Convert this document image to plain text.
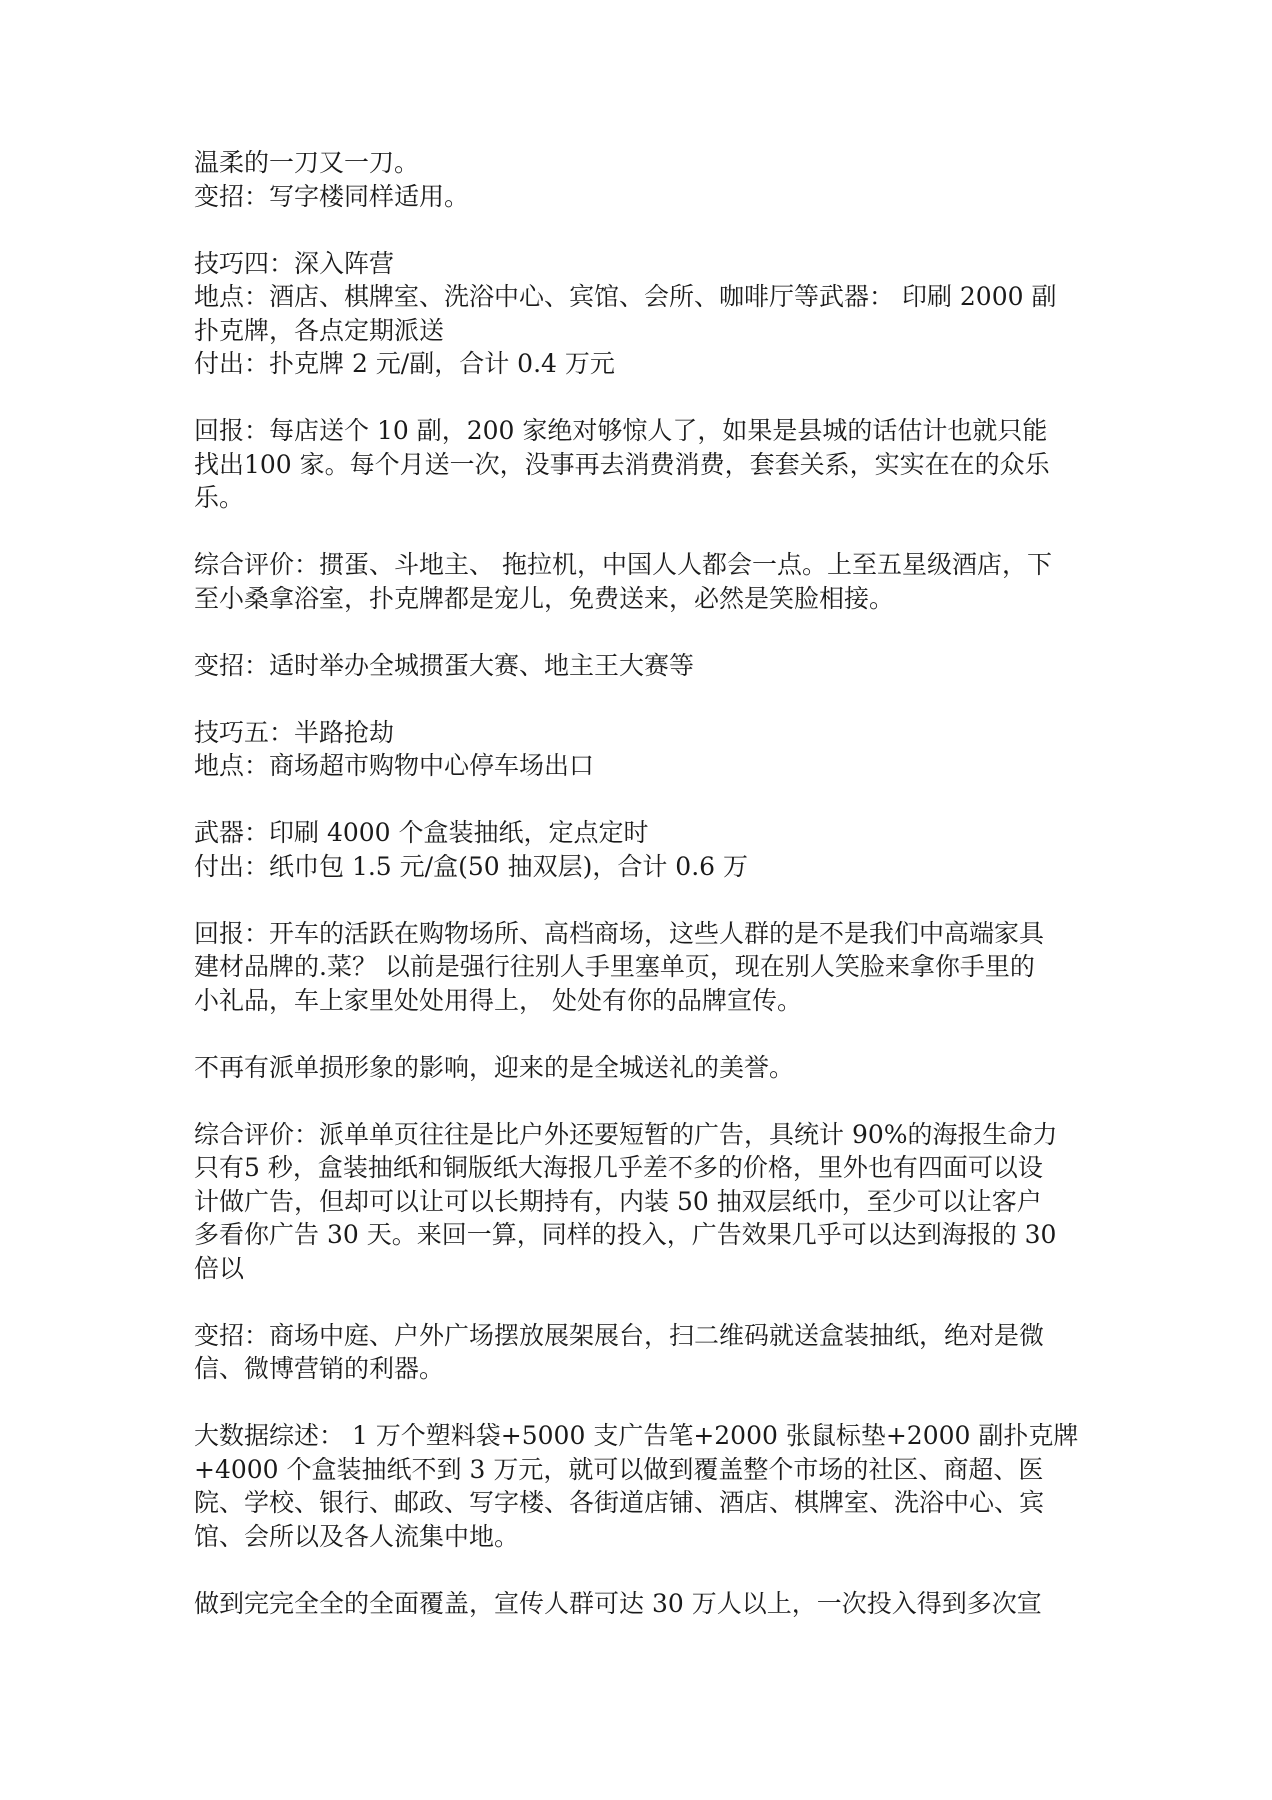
温柔的一刀又一刀。
变招：写字楼同样适用。
技巧四：深入阵营
地点：酒店、棋牌室、洗浴中心、宾馆、会所、咖啡厅等武器： 印刷 2000 副
扑克牌，各点定期派送
付出：扑克牌 2 元/副，合计 0.4 万元
回报：每店送个 10 副，200 家绝对够惊人了，如果是县城的话估计也就只能
找出100 家。每个月送一次，没事再去消费消费，套套关系，实实在在的众乐
乐。
综合评价：掼蛋、斗地主、 拖拉机，中国人人都会一点。上至五星级酒店，下
至小桑拿浴室，扑克牌都是宠儿，免费送来，必然是笑脸相接。
变招：适时举办全城掼蛋大赛、地主王大赛等
技巧五：半路抢劫
地点：商场超市购物中心停车场出口
武器：印刷 4000 个盒装抽纸，定点定时
付出：纸巾包 1.5 元/盒(50 抽双层)，合计 0.6 万
回报：开车的活跃在购物场所、高档商场，这些人群的是不是我们中高端家具
建材品牌的.菜？ 以前是强行往别人手里塞单页，现在别人笑脸来拿你手里的
小礼品，车上家里处处用得上， 处处有你的品牌宣传。
不再有派单损形象的影响，迎来的是全城送礼的美誉。
综合评价：派单单页往往是比户外还要短暂的广告，具统计 90%的海报生命力
只有5 秒，盒装抽纸和铜版纸大海报几乎差不多的价格，里外也有四面可以设
计做广告，但却可以让可以长期持有，内装 50 抽双层纸巾，至少可以让客户
多看你广告 30 天。来回一算，同样的投入，广告效果几乎可以达到海报的 30
倍以
变招：商场中庭、户外广场摆放展架展台，扫二维码就送盒装抽纸，绝对是微
信、微博营销的利器。
大数据综述： 1 万个塑料袋+5000 支广告笔+2000 张鼠标垫+2000 副扑克牌
+4000 个盒装抽纸不到 3 万元，就可以做到覆盖整个市场的社区、商超、医
院、学校、银行、邮政、写字楼、各街道店铺、酒店、棋牌室、洗浴中心、宾
馆、会所以及各人流集中地。
做到完完全全的全面覆盖，宣传人群可达 30 万人以上，一次投入得到多次宣
